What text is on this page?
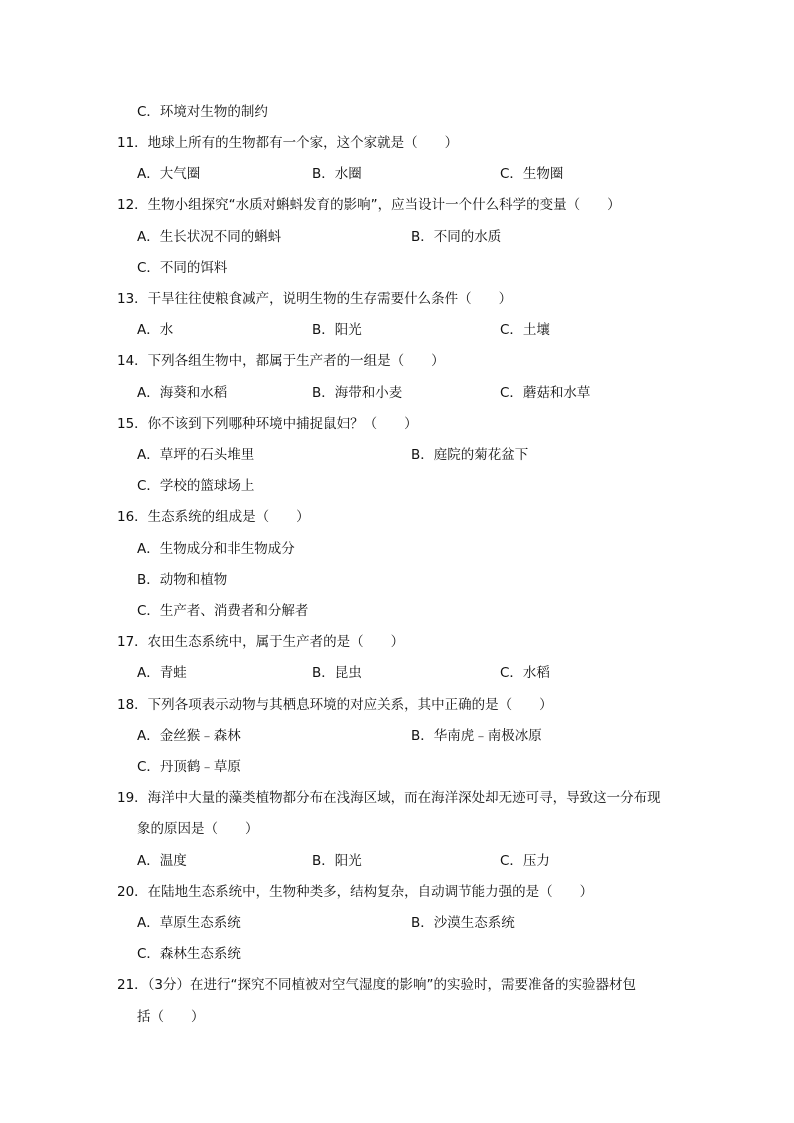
C．环境对生物的制约
11．地球上所有的生物都有一个家，这个家就是（　　）
A．大气圈	B．水圈	C．生物圈
12．生物小组探究“水质对蝌蚪发育的影响”，应当设计一个什么科学的变量（　　）
A．生长状况不同的蝌蚪	B．不同的水质
C．不同的饵料
13．干旱往往使粮食减产，说明生物的生存需要什么条件（　　）
A．水	B．阳光	C．土壤
14．下列各组生物中，都属于生产者的一组是（　　）
A．海葵和水稻	B．海带和小麦	C．蘑菇和水草
15．你不该到下列哪种环境中捕捉鼠妇？（　　）
A．草坪的石头堆里	B．庭院的菊花盆下
C．学校的篮球场上
16．生态系统的组成是（　　）
A．生物成分和非生物成分
B．动物和植物
C．生产者、消费者和分解者
17．农田生态系统中，属于生产者的是（　　）
A．青蛙	B．昆虫	C．水稻
18．下列各项表示动物与其栖息环境的对应关系，其中正确的是（　　）
A．金丝猴﹣森林	B．华南虎﹣南极冰原
C．丹顶鹤﹣草原
19．海洋中大量的藻类植物都分布在浅海区域，而在海洋深处却无迹可寻，导致这一分布现
象的原因是（　　）
A．温度	B．阳光	C．压力
20．在陆地生态系统中，生物种类多，结构复杂，自动调节能力强的是（　　）
A．草原生态系统	B．沙漠生态系统
C．森林生态系统
21．（3分）在进行“探究不同植被对空气湿度的影响”的实验时，需要准备的实验器材包
括（　　）
